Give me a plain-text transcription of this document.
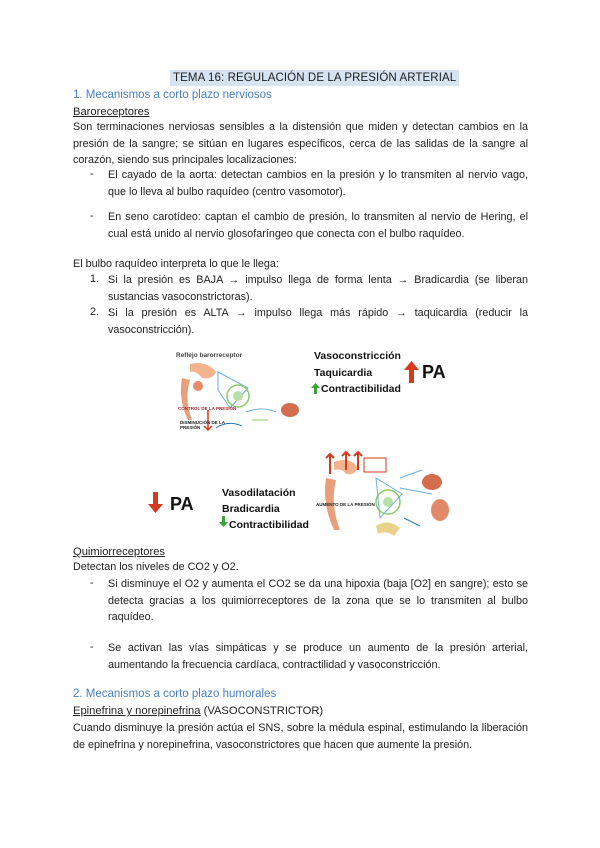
TEMA 16: REGULACIÓN DE LA PRESIÓN ARTERIAL
1. Mecanismos a corto plazo nerviosos
Baroreceptores

Son terminaciones nerviosas sensibles a la distensión que miden y detectan cambios en la presión de la sangre; se sitúan en lugares específicos, cerca de las salidas de la sangre al corazón, siendo sus principales localizaciones:

- El cayado de la aorta: detectan cambios en la presión y lo transmiten al nervio vago, que lo lleva al bulbo raquídeo (centro vasomotor).

- En seno carotídeo: captan el cambio de presión, lo transmiten al nervio de Hering, el cual está unido al nervio glosofaríngeo que conecta con el bulbo raquídeo.

El bulbo raquídeo interpreta lo que le llega:

1. Si la presión es BAJA → impulso llega de forma lenta → Bradicardia (se liberan sustancias vasoconstrictoras).

2. Si la presión es ALTA → impulso llega más rápido → taquicardia (reducir la vasoconstricción).

Reflejo barorreceptor
CONTROL DE LA PRESIÓN
DISMINUCIÓN DE LA PRESIÓN
Vasoconstricción
Taquicardia
Contractibilidad
PA
AUMENTO DE LA PRESIÓN
PA
Vasodilatación
Bradicardia
Contractibilidad
Quimiorreceptores

Detectan los niveles de CO2 y O2.

- Si disminuye el O2 y aumenta el CO2 se da una hipoxia (baja [O2] en sangre); esto se detecta gracias a los quimiorreceptores de la zona que se lo transmiten al bulbo raquídeo.

- Se activan las vías simpáticas y se produce un aumento de la presión arterial, aumentando la frecuencia cardíaca, contractilidad y vasoconstricción.

2. Mecanismos a corto plazo humorales
Epinefrina y norepinefrina (VASOCONSTRICTOR)

Cuando disminuye la presión actúa el SNS, sobre la médula espinal, estimulando la liberación de epinefrina y norepinefrina, vasoconstrictores que hacen que aumente la presión.
